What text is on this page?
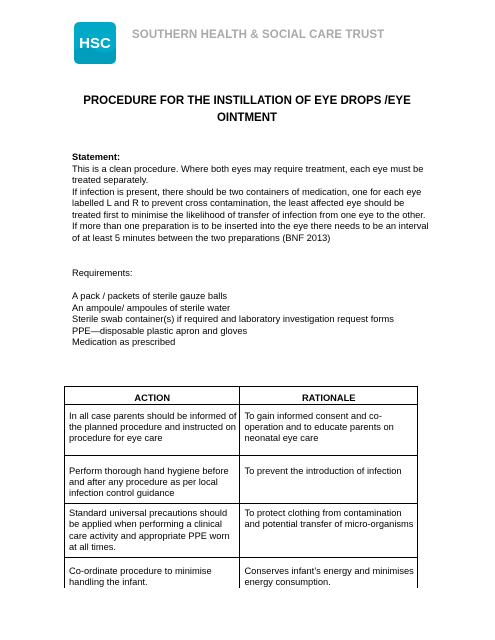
HSC SOUTHERN HEALTH & SOCIAL CARE TRUST
PROCEDURE FOR THE INSTILLATION OF EYE DROPS /EYE
OINTMENT

Statement:

This is a clean procedure. Where both eyes may require treatment, each eye must be treated separately.

If infection is present, there should be two containers of medication, one for each eye labelled L and R to prevent cross contamination, the least affected eye should be treated first to minimise the likelihood of transfer of infection from one eye to the other.

If more than one preparation is to be inserted into the eye there needs to be an interval of at least 5 minutes between the two preparations (BNF 2013)

Requirements:

A pack / packets of sterile gauze balls

An ampoule/ ampoules of sterile water

Sterile swab container(s) if required and laboratory investigation request forms

PPE—disposable plastic apron and gloves

Medication as prescribed

ACTION	RATIONALE

In all case parents should be informed of the planned procedure and instructed on procedure for eye care	To gain informed consent and co-operation and to educate parents on neonatal eye care

Perform thorough hand hygiene before and after any procedure as per local infection control guidance	To prevent the introduction of infection

Standard universal precautions should be applied when performing a clinical care activity and appropriate PPE worn at all times.	To protect clothing from contamination and potential transfer of micro-organisms

Co-ordinate procedure to minimise handling the infant.	Conserves infant’s energy and minimises energy consumption.
